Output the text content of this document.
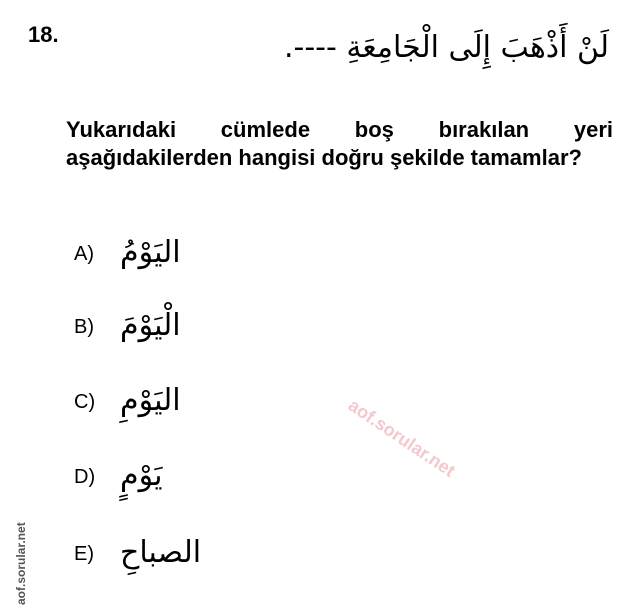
18.	لَنْ أَذْهَبَ إِلَى الْجَامِعَةِ ----.
Yukarıdaki cümlede boş bırakılan yeri aşağıdakilerden hangisi doğru şekilde tamamlar?
A) اليَوْمُ
B) الْيَوْمَ
C) اليَوْمِ
D) يَوْمٍ
E) الصباحِ
aof.sorular.net
aof.sorular.net
